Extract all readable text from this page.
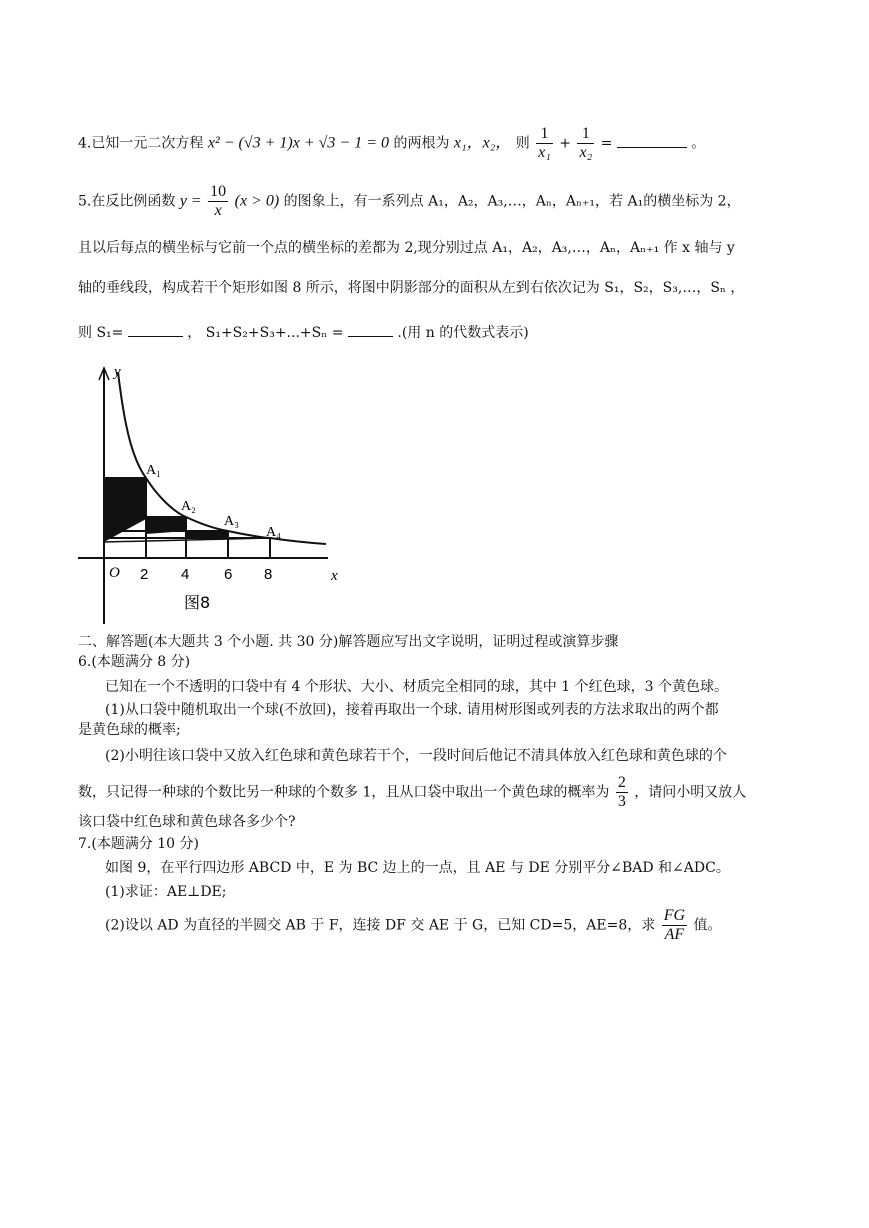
4.已知一元二次方程 x² − (√3 + 1)x + √3 − 1 = 0 的两根为 x₁，x₂， 则 $\frac{1}{\text{x₁}} + \frac{1}{\text{x₂}}$ =	。
5.在反比例函数 $y = \frac{10}{x} (x > 0)$ 的图象上，有一系列点 A₁，A₂，A₃,…，Aₙ，Aₙ₊₁，若 A₁的横坐标为 2，
且以后每点的横坐标与它前一个点的横坐标的差都为 2,现分别过点 A₁，A₂，A₃,…，Aₙ，Aₙ₊₁ 作 x 轴与 y
轴的垂线段，构成若干个矩形如图 8 所示，将图中阴影部分的面积从左到右依次记为 S₁，S₂，S₃,…，Sₙ ，
则 S₁=	， S₁+S₂+S₃+...+Sₙ =	.(用 n 的代数式表示)
y
x
O 2 4 6 8
A₁
A₂
A₃
A₄
图8
二、解答题(本大题共 3 个小题. 共 30 分)解答题应写出文字说明，证明过程或演算步骤
6.(本题满分 8 分)
已知在一个不透明的口袋中有 4 个形状、大小、材质完全相同的球，其中 1 个红色球，3 个黄色球。
(1)从口袋中随机取出一个球(不放回)，接着再取出一个球. 请用树形图或列表的方法求取出的两个都
是黄色球的概率;
(2)小明往该口袋中又放入红色球和黄色球若干个，一段时间后他记不清具体放入红色球和黄色球的个
数，只记得一种球的个数比另一种球的个数多 1，且从口袋中取出一个黄色球的概率为 $\frac{2}{3}$ ，请问小明又放人
该口袋中红色球和黄色球各多少个?
7.(本题满分 10 分)
如图 9，在平行四边形 ABCD 中，E 为 BC 边上的一点，且 AE 与 DE 分别平分∠BAD 和∠ADC。
(1)求证：AE⊥DE;
(2)设以 AD 为直径的半圆交 AB 于 F，连接 DF 交 AE 于 G，已知 CD=5，AE=8，求 $\frac{FG}{AF}$ 值。
